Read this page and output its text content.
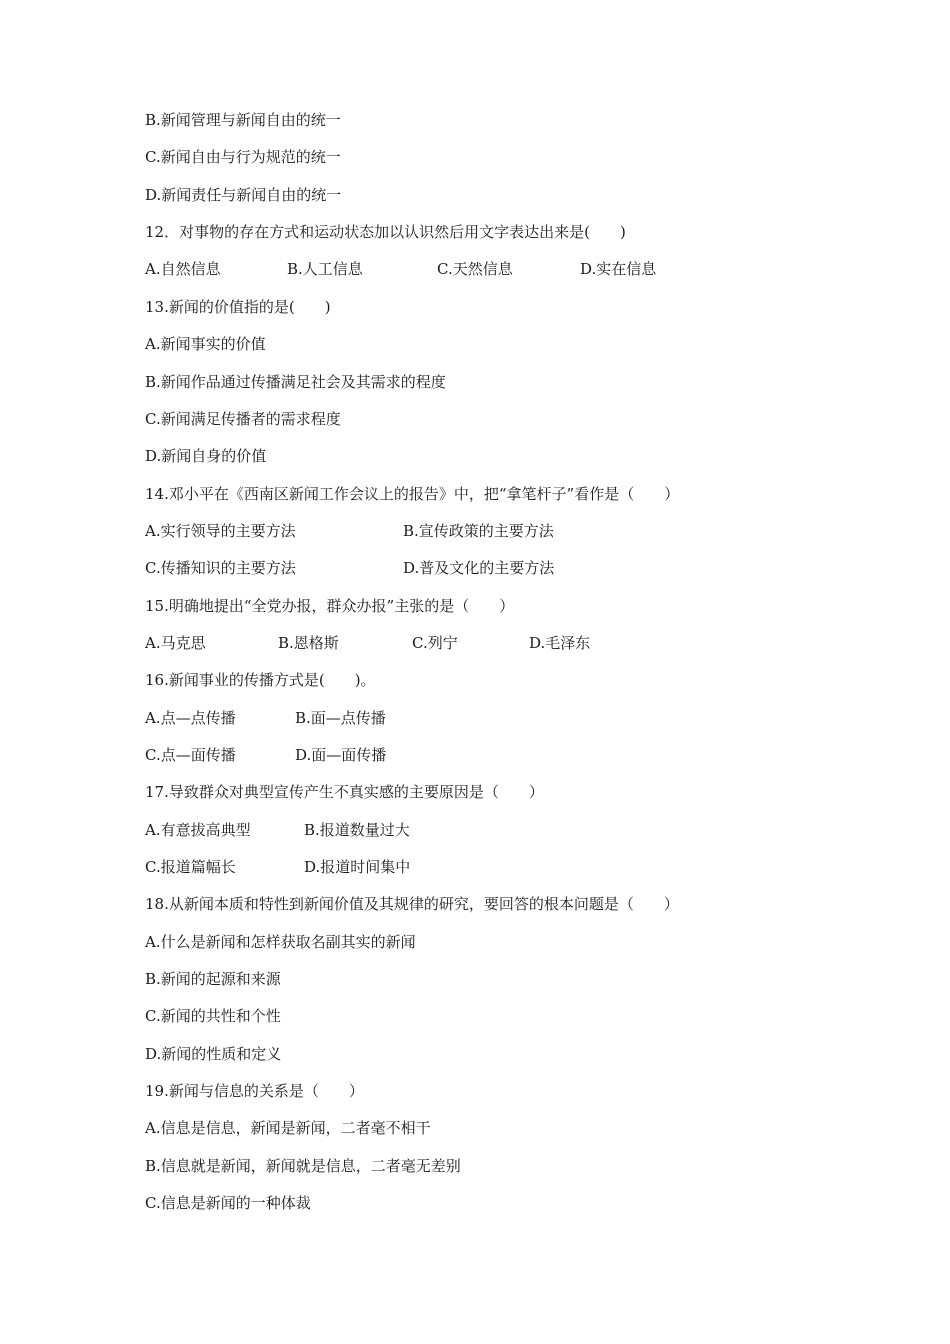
B.新闻管理与新闻自由的统一
C.新闻自由与行为规范的统一
D.新闻责任与新闻自由的统一
12．对事物的存在方式和运动状态加以认识然后用文字表达出来是(　　)
A.自然信息	B.人工信息	C.天然信息	D.实在信息
13.新闻的价值指的是(　　)
A.新闻事实的价值
B.新闻作品通过传播满足社会及其需求的程度
C.新闻满足传播者的需求程度
D.新闻自身的价值
14.邓小平在《西南区新闻工作会议上的报告》中，把“拿笔杆子”看作是（　　）
A.实行领导的主要方法	B.宣传政策的主要方法
C.传播知识的主要方法	D.普及文化的主要方法
15.明确地提出“全党办报，群众办报”主张的是（　　）
A.马克思	B.恩格斯	C.列宁	D.毛泽东
16.新闻事业的传播方式是(　　)。
A.点—点传播	B.面—点传播
C.点—面传播	D.面—面传播
17.导致群众对典型宣传产生不真实感的主要原因是（　　）
A.有意拔高典型	B.报道数量过大
C.报道篇幅长	D.报道时间集中
18.从新闻本质和特性到新闻价值及其规律的研究，要回答的根本问题是（　　）
A.什么是新闻和怎样获取名副其实的新闻
B.新闻的起源和来源
C.新闻的共性和个性
D.新闻的性质和定义
19.新闻与信息的关系是（　　）
A.信息是信息，新闻是新闻，二者毫不相干
B.信息就是新闻，新闻就是信息，二者毫无差别
C.信息是新闻的一种体裁
